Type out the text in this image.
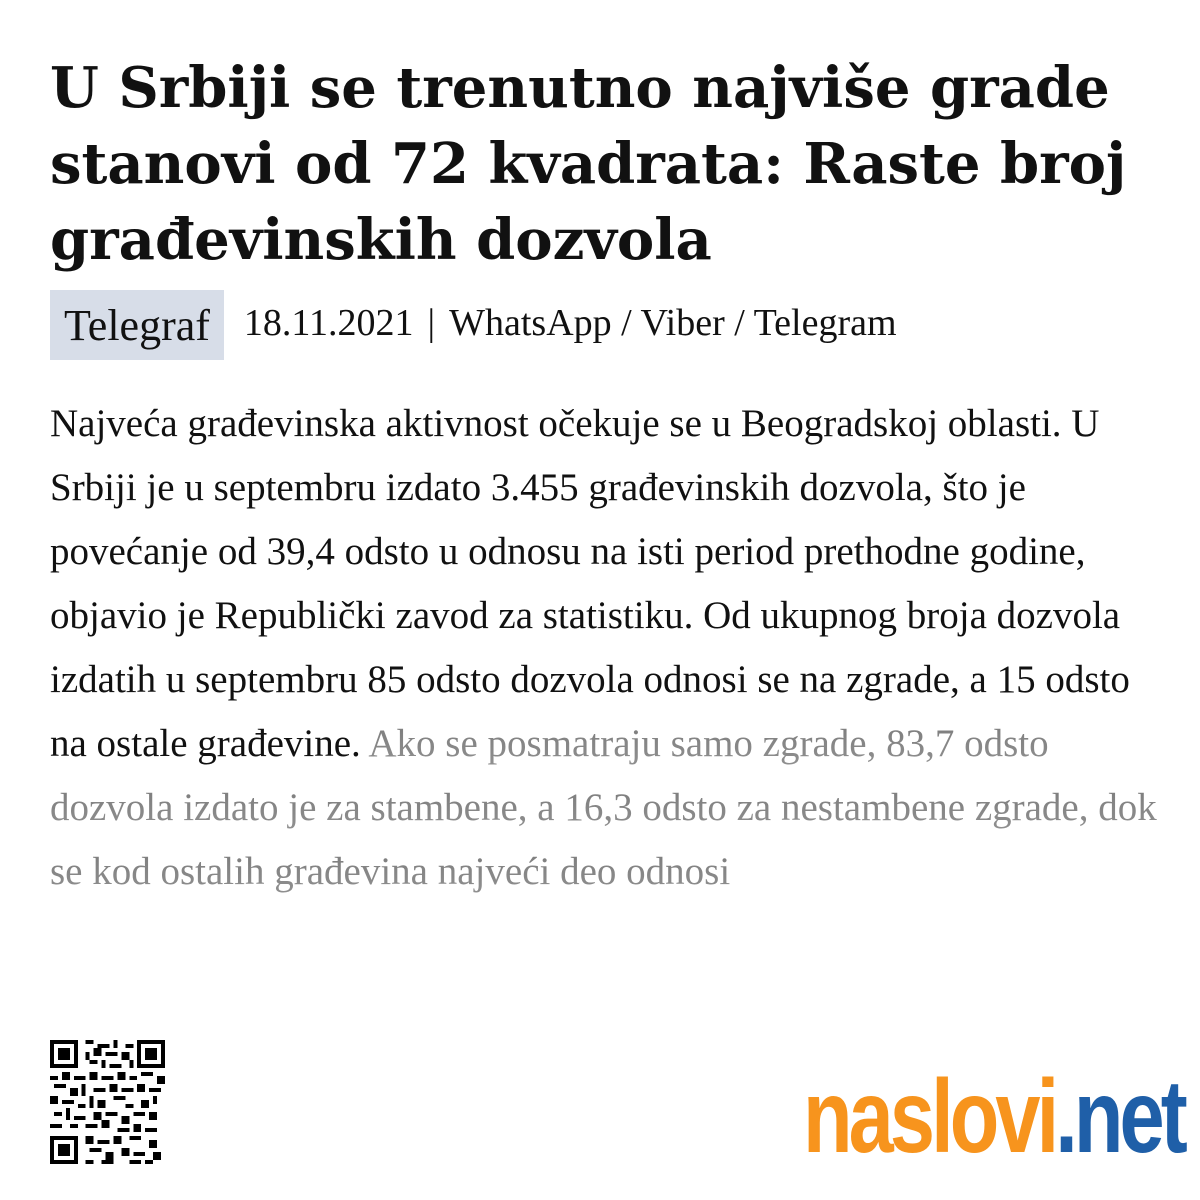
U Srbiji se trenutno najviše grade stanovi od 72 kvadrata: Raste broj građevinskih dozvola
Telegraf 18.11.2021 | WhatsApp / Viber / Telegram
Najveća građevinska aktivnost očekuje se u Beogradskoj oblasti. U Srbiji je u septembru izdato 3.455 građevinskih dozvola, što je povećanje od 39,4 odsto u odnosu na isti period prethodne godine, objavio je Republički zavod za statistiku. Od ukupnog broja dozvola izdatih u septembru 85 odsto dozvola odnosi se na zgrade, a 15 odsto na ostale građevine. Ako se posmatraju samo zgrade, 83,7 odsto dozvola izdato je za stambene, a 16,3 odsto za nestambene zgrade, dok se kod ostalih građevina najveći deo odnosi
naslovi.net
